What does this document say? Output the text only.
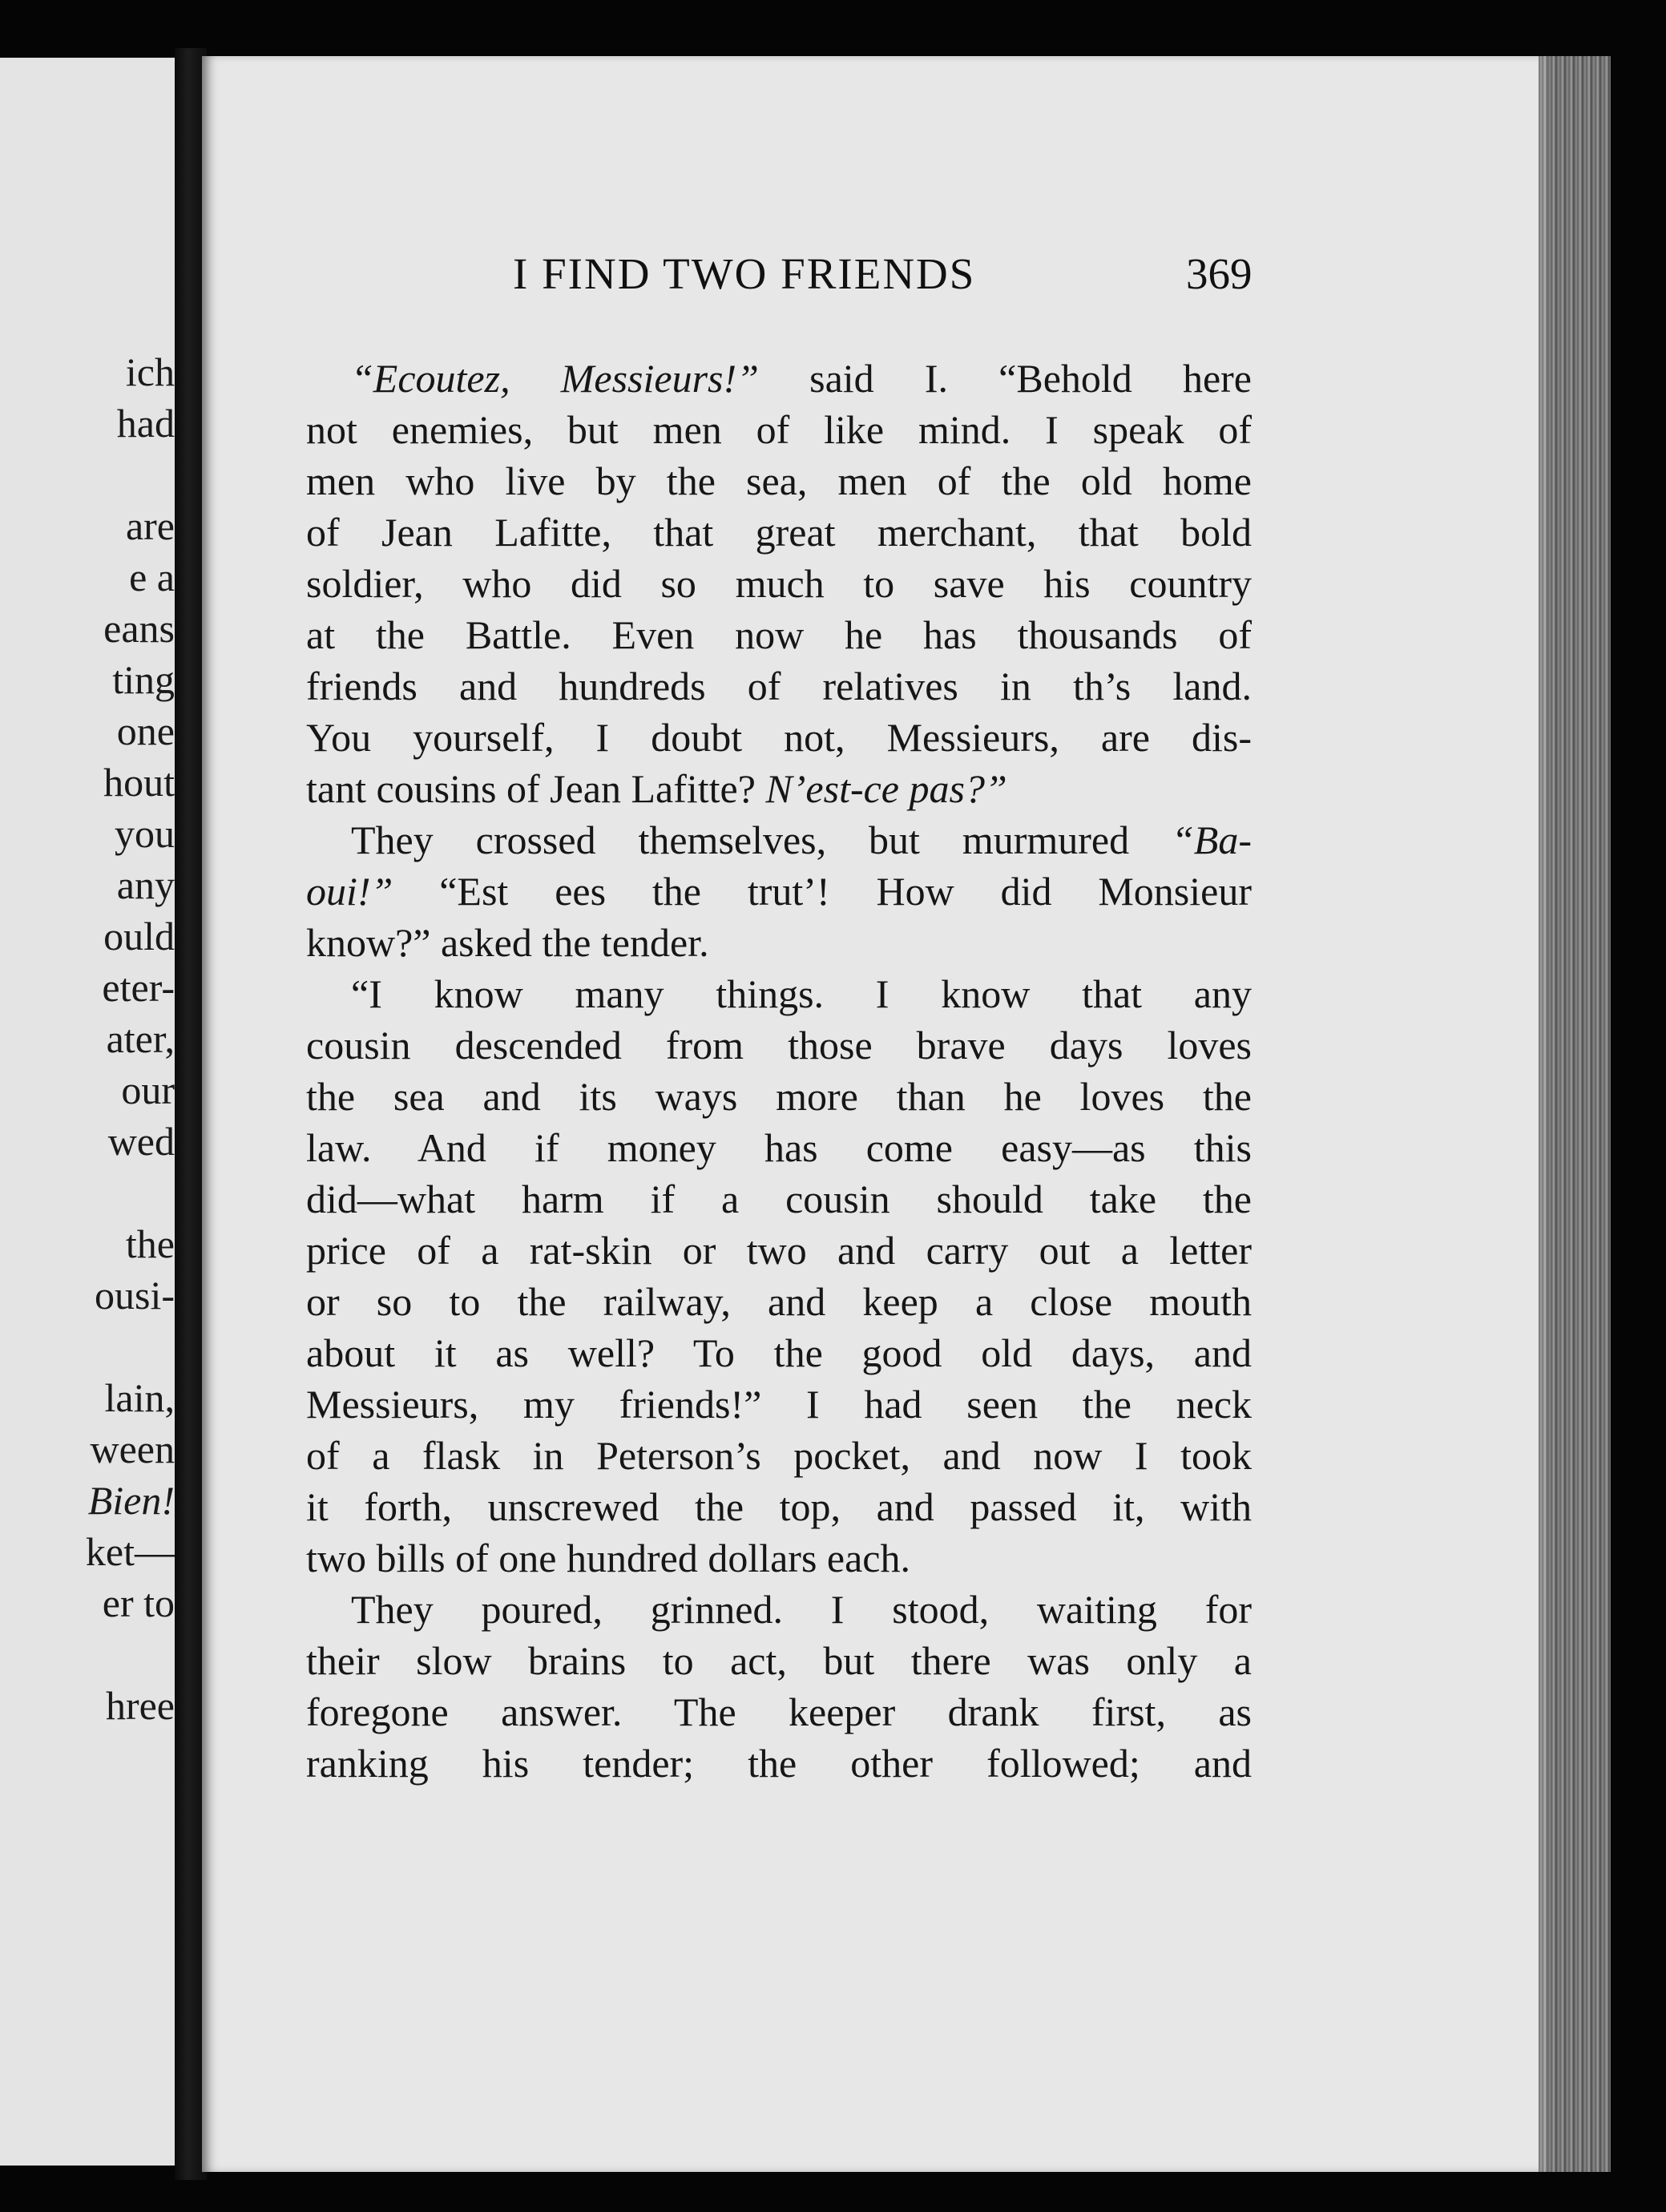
ich
had
are
e a
eans
ting
one
hout
you
any
ould
eter-
ater,
our
wed
the
ousi-
lain,
ween
Bien!
ket—
er to
hree
I FIND TWO FRIENDS	369
“Ecoutez, Messieurs!” said I. “Behold here
not enemies, but men of like mind. I speak of
men who live by the sea, men of the old home
of Jean Lafitte, that great merchant, that bold
soldier, who did so much to save his country
at the Battle. Even now he has thousands of
friends and hundreds of relatives in th’s land.
You yourself, I doubt not, Messieurs, are dis-
tant cousins of Jean Lafitte? N’est-ce pas?”
They crossed themselves, but murmured “Ba-
oui!” “Est ees the trut’! How did Monsieur
know?” asked the tender.
“I know many things. I know that any
cousin descended from those brave days loves
the sea and its ways more than he loves the
law. And if money has come easy—as this
did—what harm if a cousin should take the
price of a rat-skin or two and carry out a letter
or so to the railway, and keep a close mouth
about it as well? To the good old days, and
Messieurs, my friends!” I had seen the neck
of a flask in Peterson’s pocket, and now I took
it forth, unscrewed the top, and passed it, with
two bills of one hundred dollars each.
They poured, grinned. I stood, waiting for
their slow brains to act, but there was only a
foregone answer. The keeper drank first, as
ranking his tender; the other followed; and
